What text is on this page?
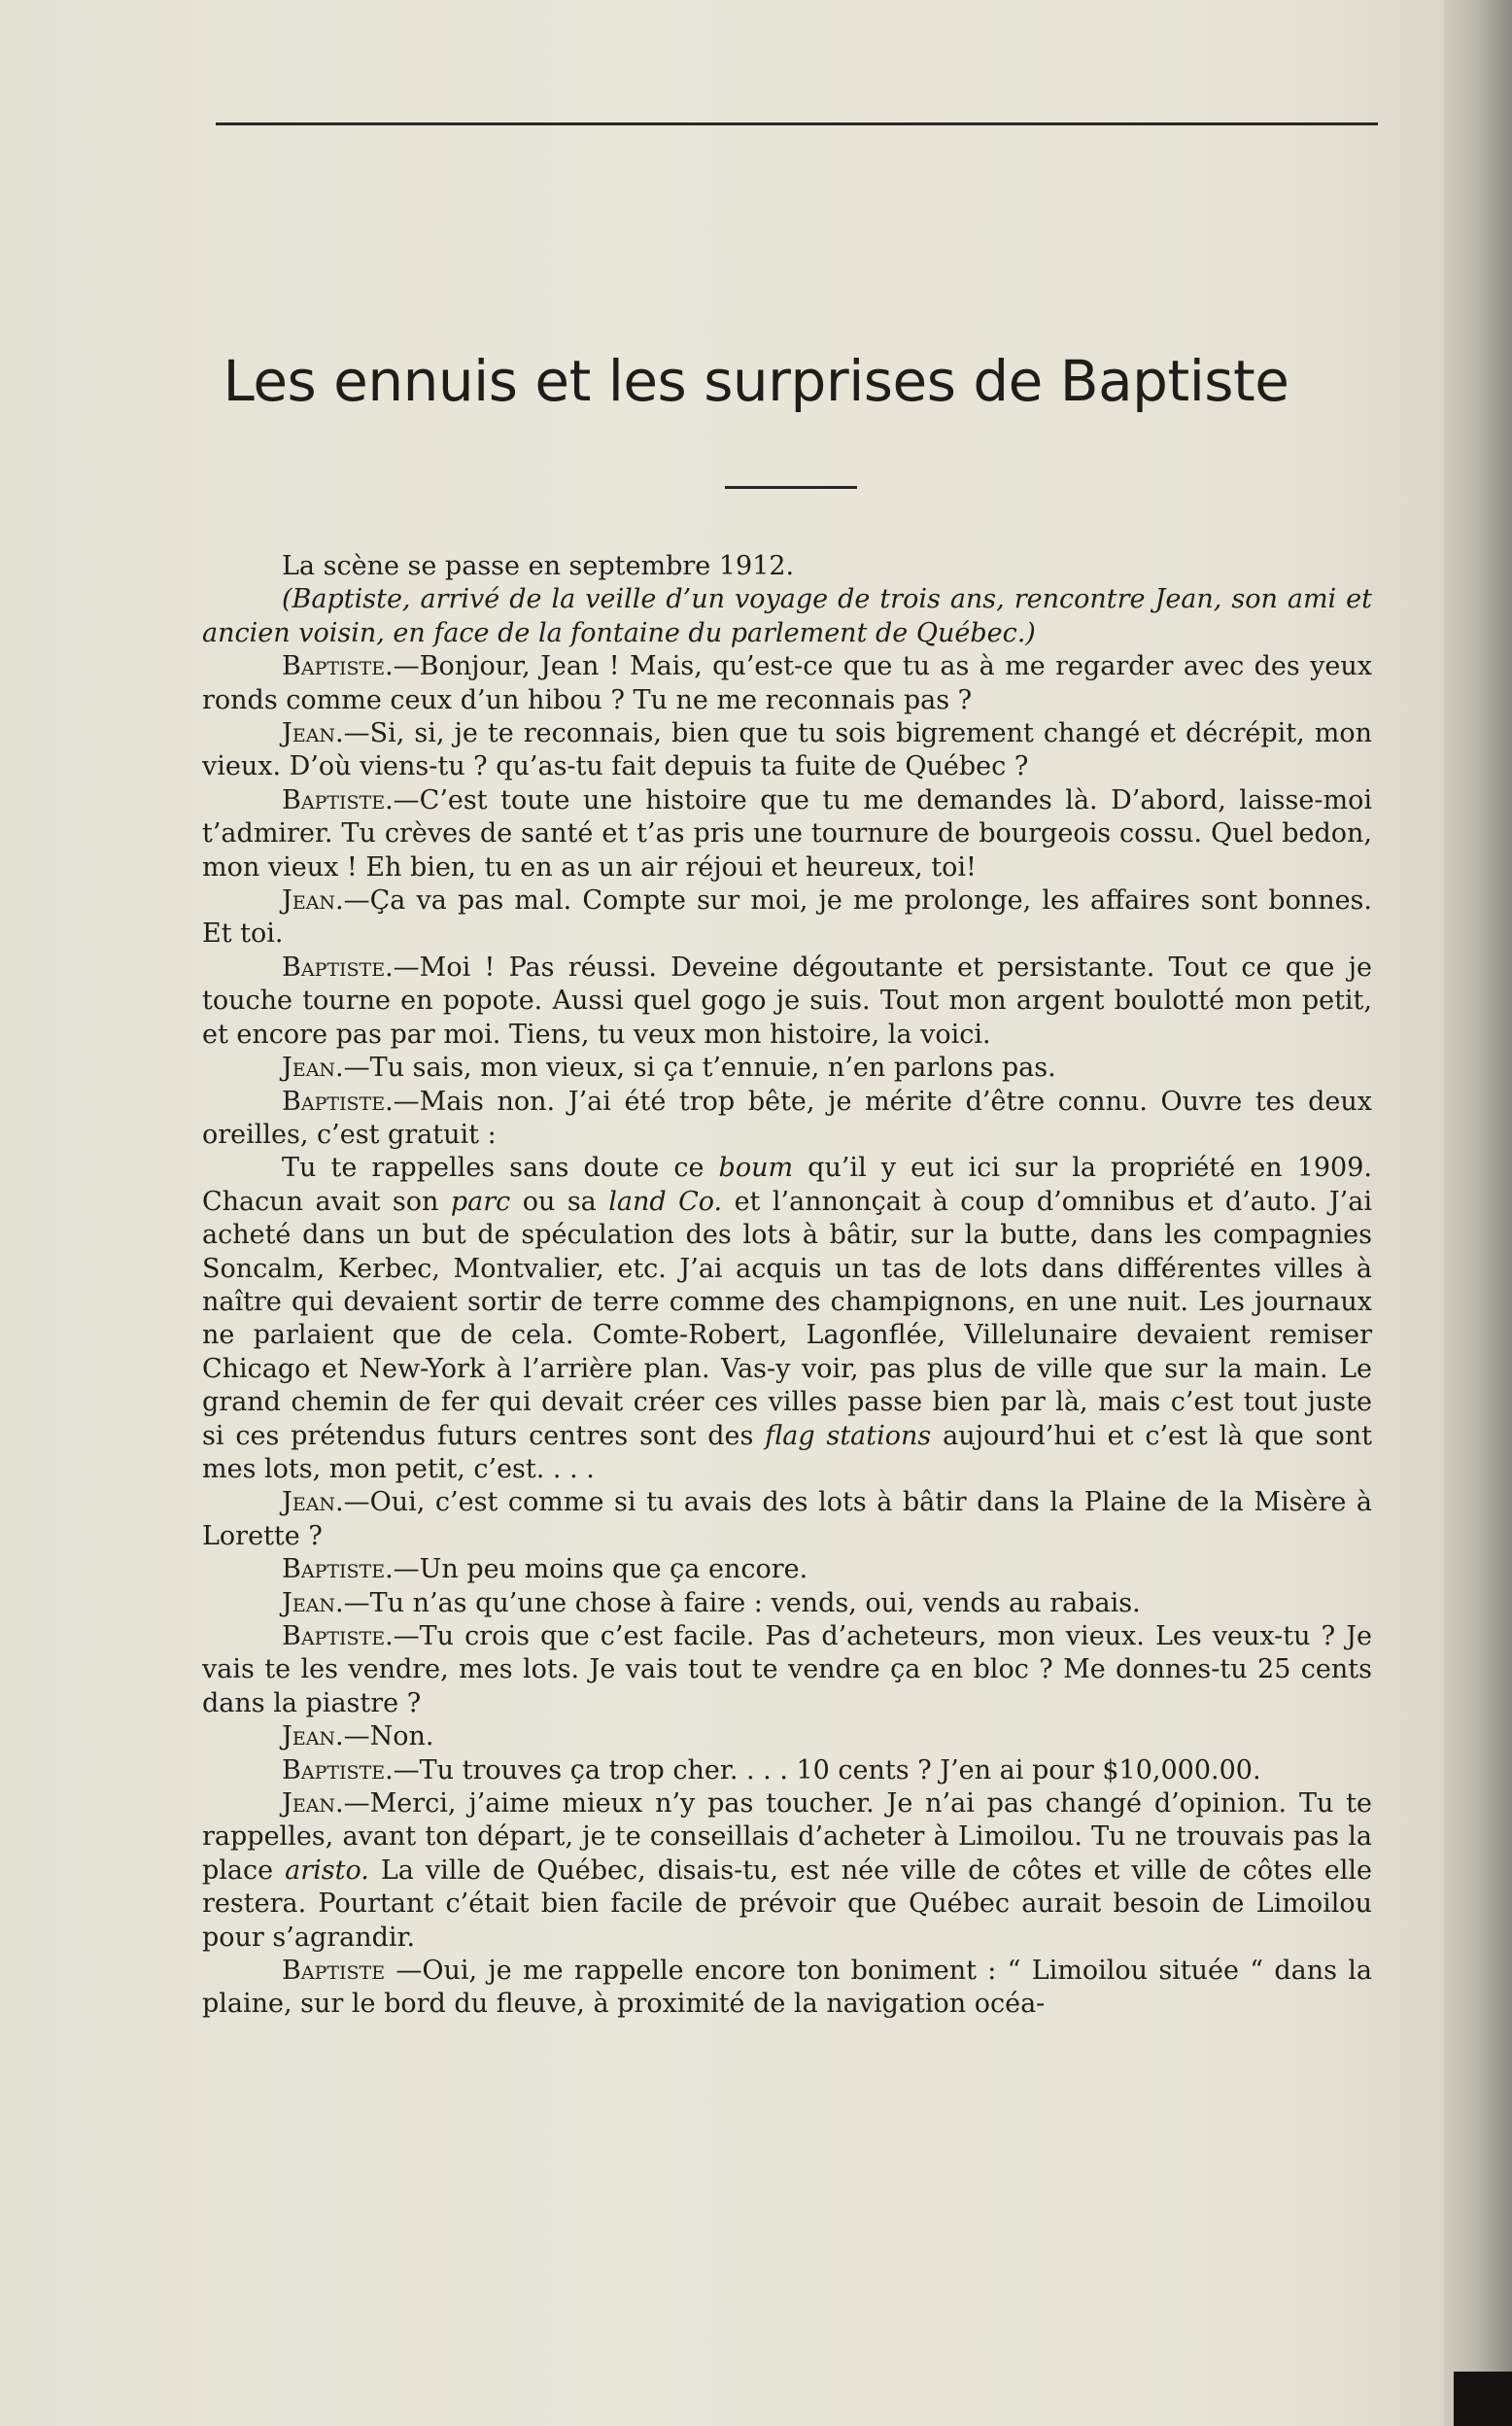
Les ennuis et les surprises de Baptiste

La scène se passe en septembre 1912.

(Baptiste, arrivé de la veille d’un voyage de trois ans, rencontre Jean, son ami et ancien voisin, en face de la fontaine du parlement de Québec.)

Baptiste.—Bonjour, Jean ! Mais, qu’est-ce que tu as à me regarder avec des yeux ronds comme ceux d’un hibou ? Tu ne me reconnais pas ?

Jean.—Si, si, je te reconnais, bien que tu sois bigrement changé et décrépit, mon vieux. D’où viens-tu ? qu’as-tu fait depuis ta fuite de Québec ?

Baptiste.—C’est toute une histoire que tu me demandes là. D’abord, laisse-moi t’admirer. Tu crèves de santé et t’as pris une tournure de bourgeois cossu. Quel bedon, mon vieux ! Eh bien, tu en as un air réjoui et heureux, toi!

Jean.—Ça va pas mal. Compte sur moi, je me prolonge, les affaires sont bonnes. Et toi.

Baptiste.—Moi ! Pas réussi. Deveine dégoutante et persistante. Tout ce que je touche tourne en popote. Aussi quel gogo je suis. Tout mon argent boulotté mon petit, et encore pas par moi. Tiens, tu veux mon histoire, la voici.

Jean.—Tu sais, mon vieux, si ça t’ennuie, n’en parlons pas.

Baptiste.—Mais non. J’ai été trop bête, je mérite d’être connu. Ouvre tes deux oreilles, c’est gratuit :

Tu te rappelles sans doute ce boum qu’il y eut ici sur la propriété en 1909. Chacun avait son parc ou sa land Co. et l’annonçait à coup d’omnibus et d’auto. J’ai acheté dans un but de spéculation des lots à bâtir, sur la butte, dans les compagnies Soncalm, Kerbec, Montvalier, etc. J’ai acquis un tas de lots dans différentes villes à naître qui devaient sortir de terre comme des champignons, en une nuit. Les journaux ne parlaient que de cela. Comte-Robert, Lagonflée, Villelunaire devaient remiser Chicago et New-York à l’arrière plan. Vas-y voir, pas plus de ville que sur la main. Le grand chemin de fer qui devait créer ces villes passe bien par là, mais c’est tout juste si ces prétendus futurs centres sont des flag stations aujourd’hui et c’est là que sont mes lots, mon petit, c’est. . . .

Jean.—Oui, c’est comme si tu avais des lots à bâtir dans la Plaine de la Misère à Lorette ?

Baptiste.—Un peu moins que ça encore.

Jean.—Tu n’as qu’une chose à faire : vends, oui, vends au rabais.

Baptiste.—Tu crois que c’est facile. Pas d’acheteurs, mon vieux. Les veux-tu ? Je vais te les vendre, mes lots. Je vais tout te vendre ça en bloc ? Me donnes-tu 25 cents dans la piastre ?

Jean.—Non.

Baptiste.—Tu trouves ça trop cher. . . . 10 cents ? J’en ai pour $10,000.00.

Jean.—Merci, j’aime mieux n’y pas toucher. Je n’ai pas changé d’opinion. Tu te rappelles, avant ton départ, je te conseillais d’acheter à Limoilou. Tu ne trouvais pas la place aristo. La ville de Québec, disais-tu, est née ville de côtes et ville de côtes elle restera. Pourtant c’était bien facile de prévoir que Québec aurait besoin de Limoilou pour s’agrandir.

Baptiste —Oui, je me rappelle encore ton boniment : “ Limoilou située “ dans la plaine, sur le bord du fleuve, à proximité de la navigation océa-
